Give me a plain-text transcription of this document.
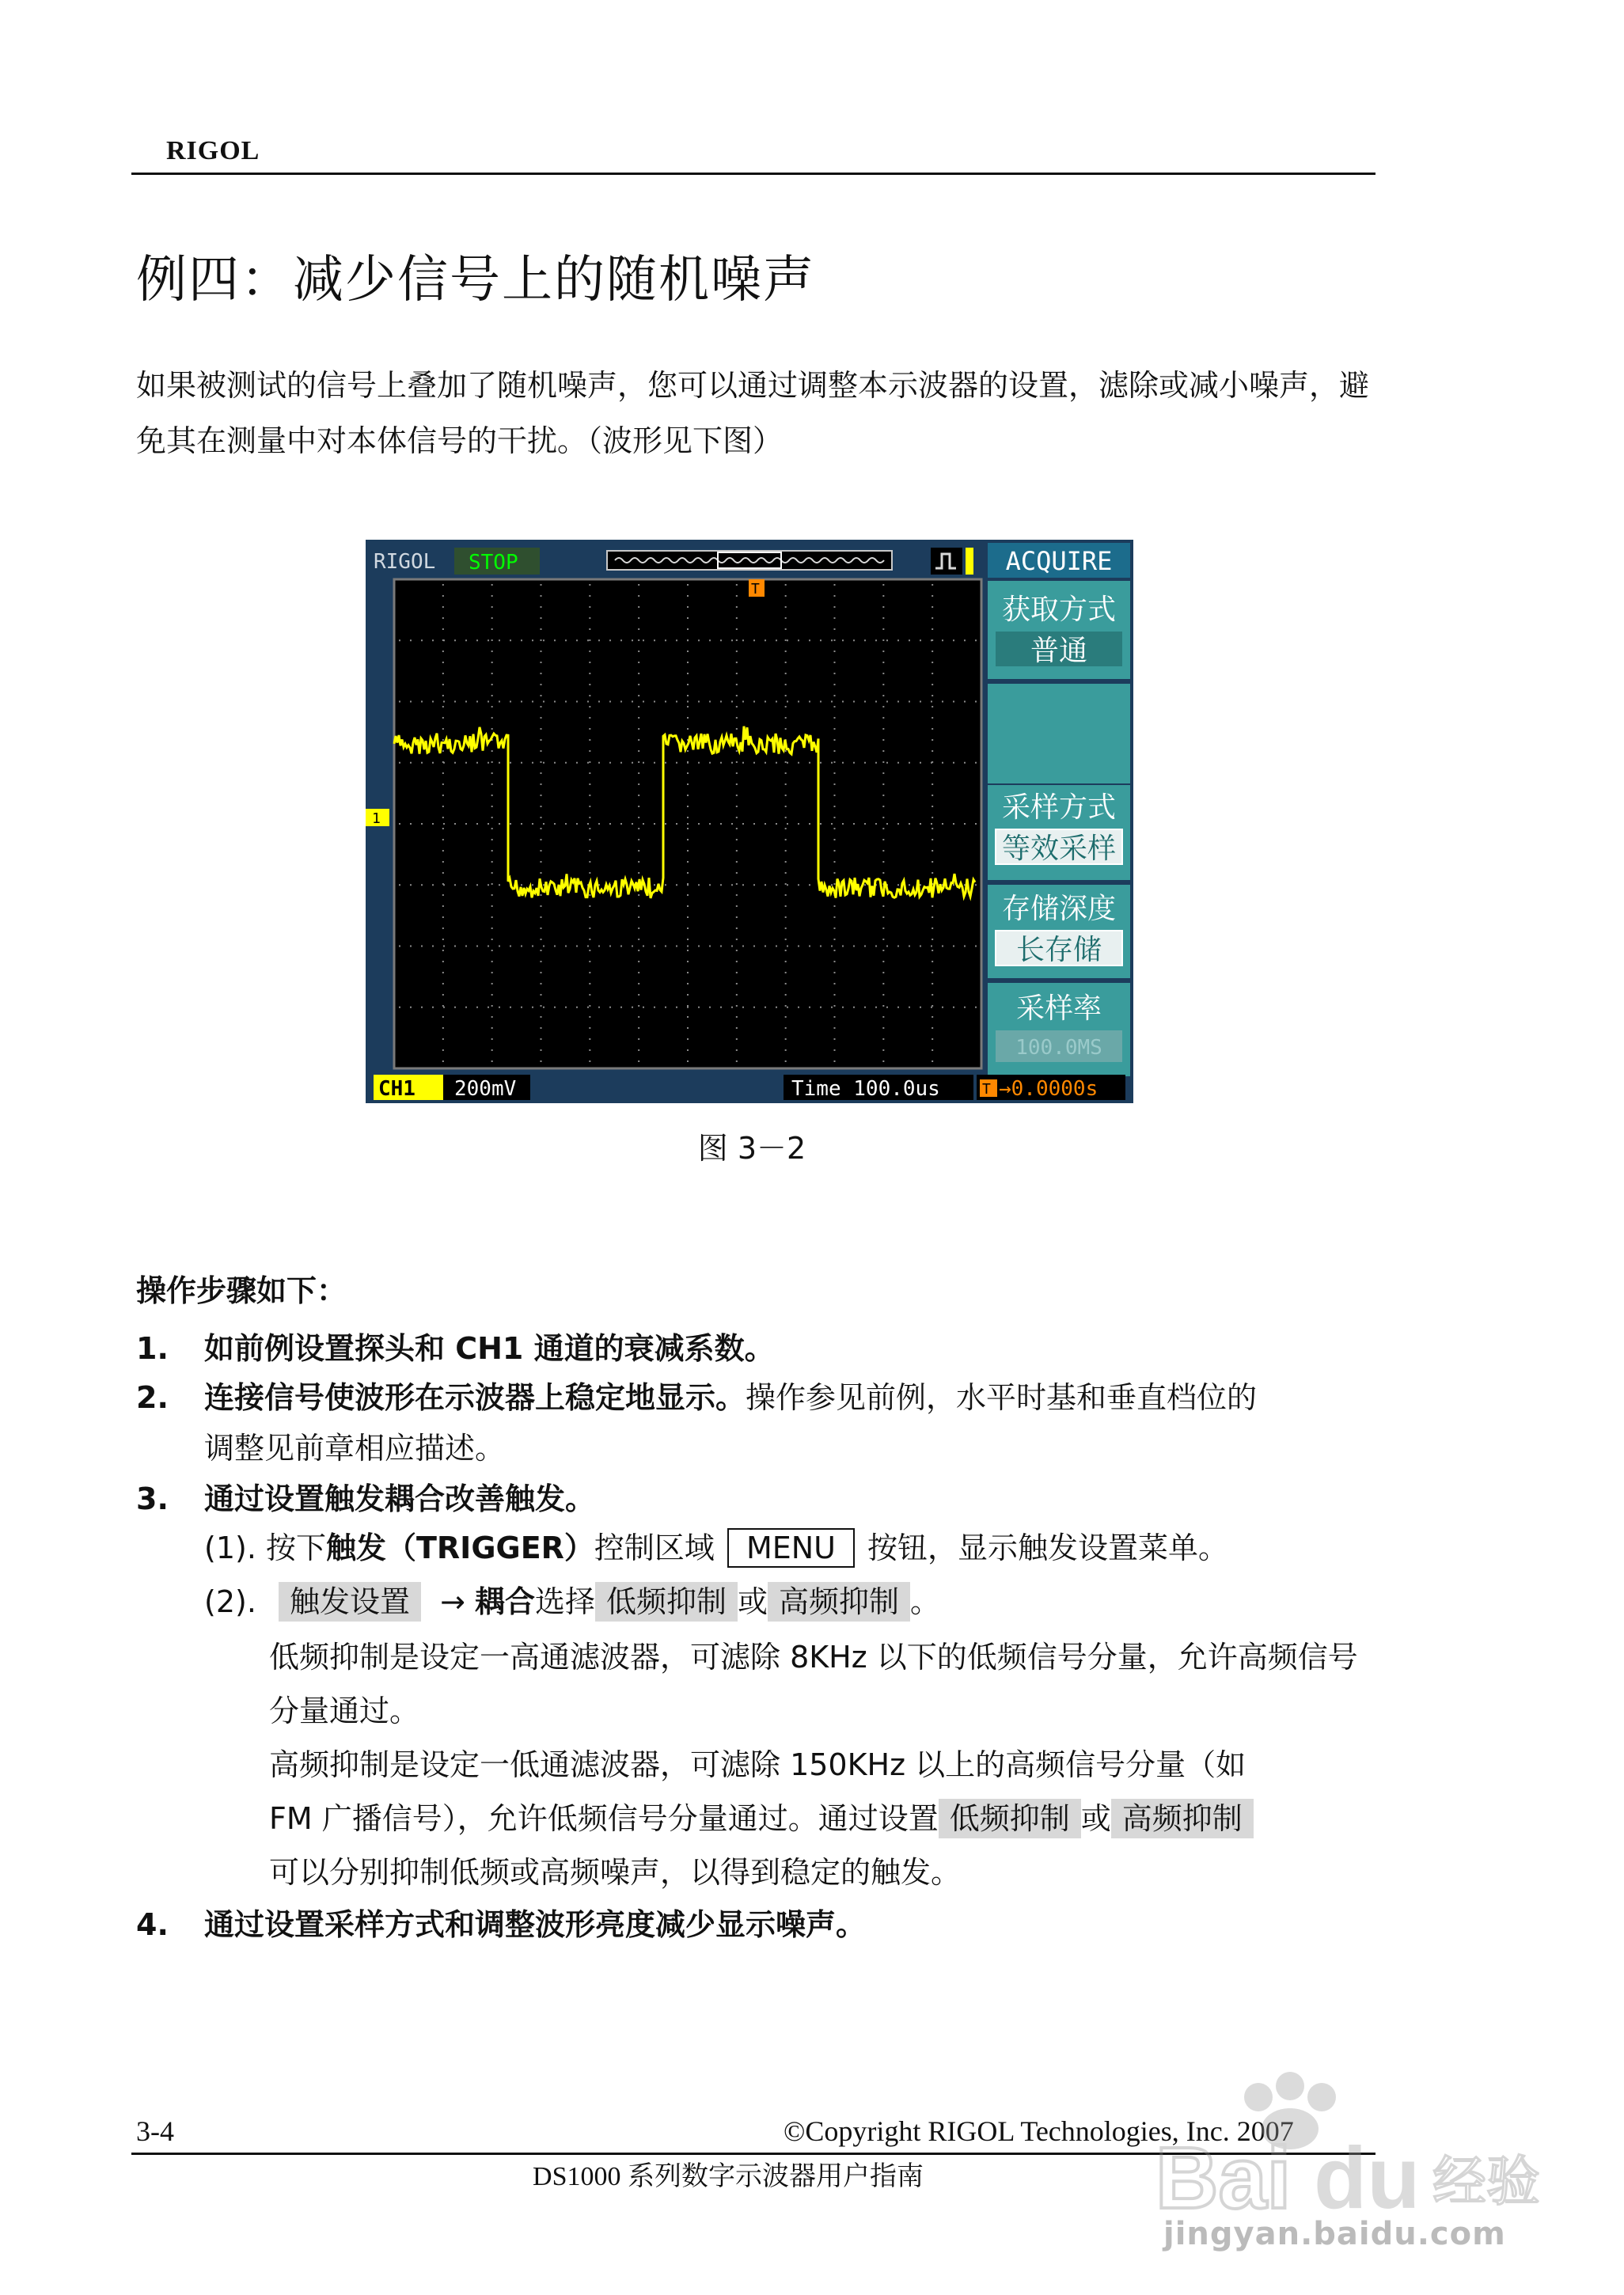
RIGOL
例四：减少信号上的随机噪声
如果被测试的信号上叠加了随机噪声，您可以通过调整本示波器的设置，滤除或减小噪声，避免其在测量中对本体信号的干扰。（波形见下图）
RIGOL STOP
T
1
ACQUIRE
获取方式
普通
采样方式
等效采样
存储深度
长存储
采样率
100.0MS
CH1 200mV	Time 100.0us	T →0.0000s
图 3－2
操作步骤如下：
1. 如前例设置探头和 CH1 通道的衰减系数。
2. 连接信号使波形在示波器上稳定地显示。操作参见前例，水平时基和垂直档位的
调整见前章相应描述。
3. 通过设置触发耦合改善触发。
(1). 按下触发（TRIGGER）控制区域 MENU 按钮，显示触发设置菜单。
(2). 触发设置 → 耦合选择 低频抑制 或 高频抑制 。
低频抑制是设定一高通滤波器，可滤除 8KHz 以下的低频信号分量，允许高频信号分量通过。
高频抑制是设定一低通滤波器，可滤除 150KHz 以上的高频信号分量（如
FM 广播信号），允许低频信号分量通过。通过设置 低频抑制 或 高频抑制
可以分别抑制低频或高频噪声，以得到稳定的触发。
4. 通过设置采样方式和调整波形亮度减少显示噪声。
3-4	©Copyright RIGOL Technologies, Inc. 2007
DS1000 系列数字示波器用户指南	Bai du 经验
jingyan.baidu.com
